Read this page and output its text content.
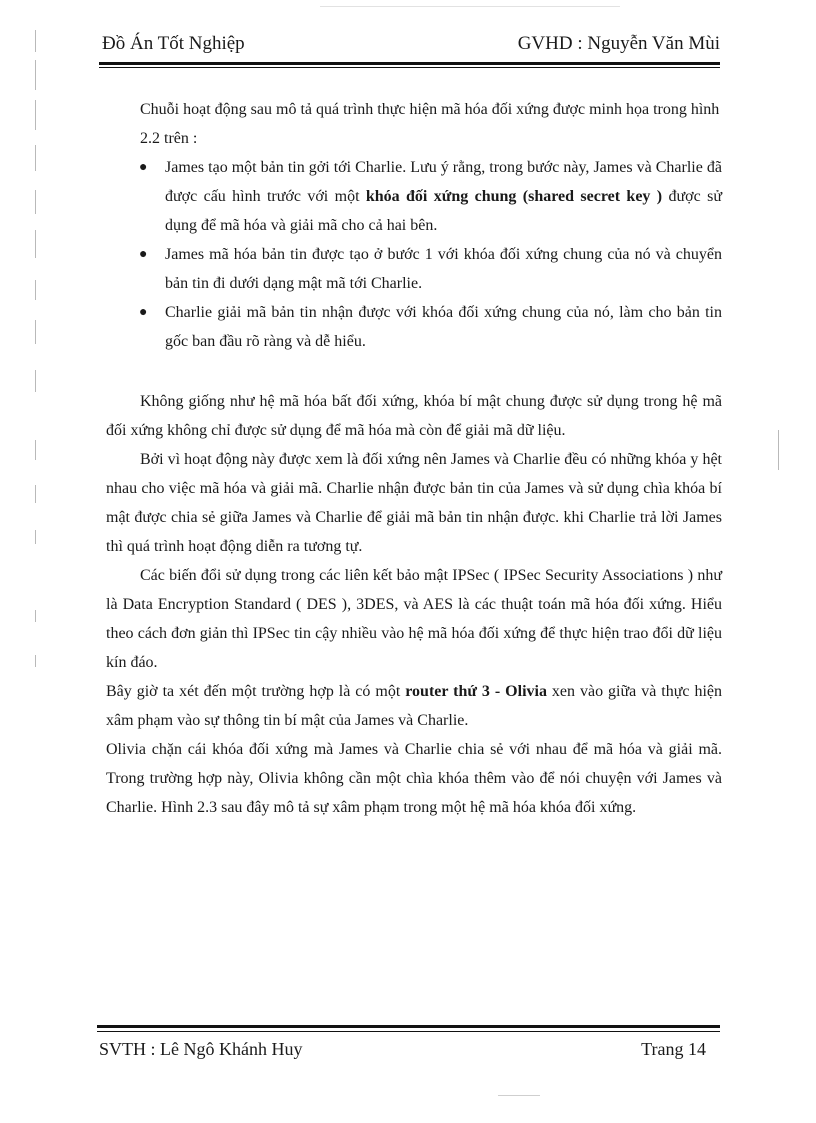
Đồ Án Tốt Nghiệp	GVHD : Nguyễn Văn Mùi

Chuỗi hoạt động sau mô tả quá trình thực hiện mã hóa đối xứng được minh họa trong hình 2.2 trên :

● James tạo một bản tin gởi tới Charlie. Lưu ý rằng, trong bước này, James và Charlie đã được cấu hình trước với một khóa đối xứng chung (shared secret key ) được sử dụng để mã hóa và giải mã cho cả hai bên.
● James mã hóa bản tin được tạo ở bước 1 với khóa đối xứng chung của nó và chuyển bản tin đi dưới dạng mật mã tới Charlie.
● Charlie giải mã bản tin nhận được với khóa đối xứng chung của nó, làm cho bản tin gốc ban đầu rõ ràng và dễ hiểu.

Không giống như hệ mã hóa bất đối xứng, khóa bí mật chung được sử dụng trong hệ mã đối xứng không chỉ được sử dụng để mã hóa mà còn để giải mã dữ liệu.

Bởi vì hoạt động này được xem là đối xứng nên James và Charlie đều có những khóa y hệt nhau cho việc mã hóa và giải mã. Charlie nhận được bản tin của James và sử dụng chìa khóa bí mật được chia sẻ giữa James và Charlie để giải mã bản tin nhận được. khi Charlie trả lời James thì quá trình hoạt động diễn ra tương tự.

Các biến đổi sử dụng trong các liên kết bảo mật IPSec ( IPSec Security Associations ) như là Data Encryption Standard ( DES ), 3DES, và AES là các thuật toán mã hóa đối xứng. Hiểu theo cách đơn giản thì IPSec tin cậy nhiều vào hệ mã hóa đối xứng để thực hiện trao đổi dữ liệu kín đáo.

Bây giờ ta xét đến một trường hợp là có một router thứ 3 - Olivia xen vào giữa và thực hiện xâm phạm vào sự thông tin bí mật của James và Charlie.

Olivia chặn cái khóa đối xứng mà James và Charlie chia sẻ với nhau để mã hóa và giải mã. Trong trường hợp này, Olivia không cần một chìa khóa thêm vào để nói chuyện với James và Charlie. Hình 2.3 sau đây mô tả sự xâm phạm trong một hệ mã hóa khóa đối xứng.

SVTH : Lê Ngô Khánh Huy	Trang 14
